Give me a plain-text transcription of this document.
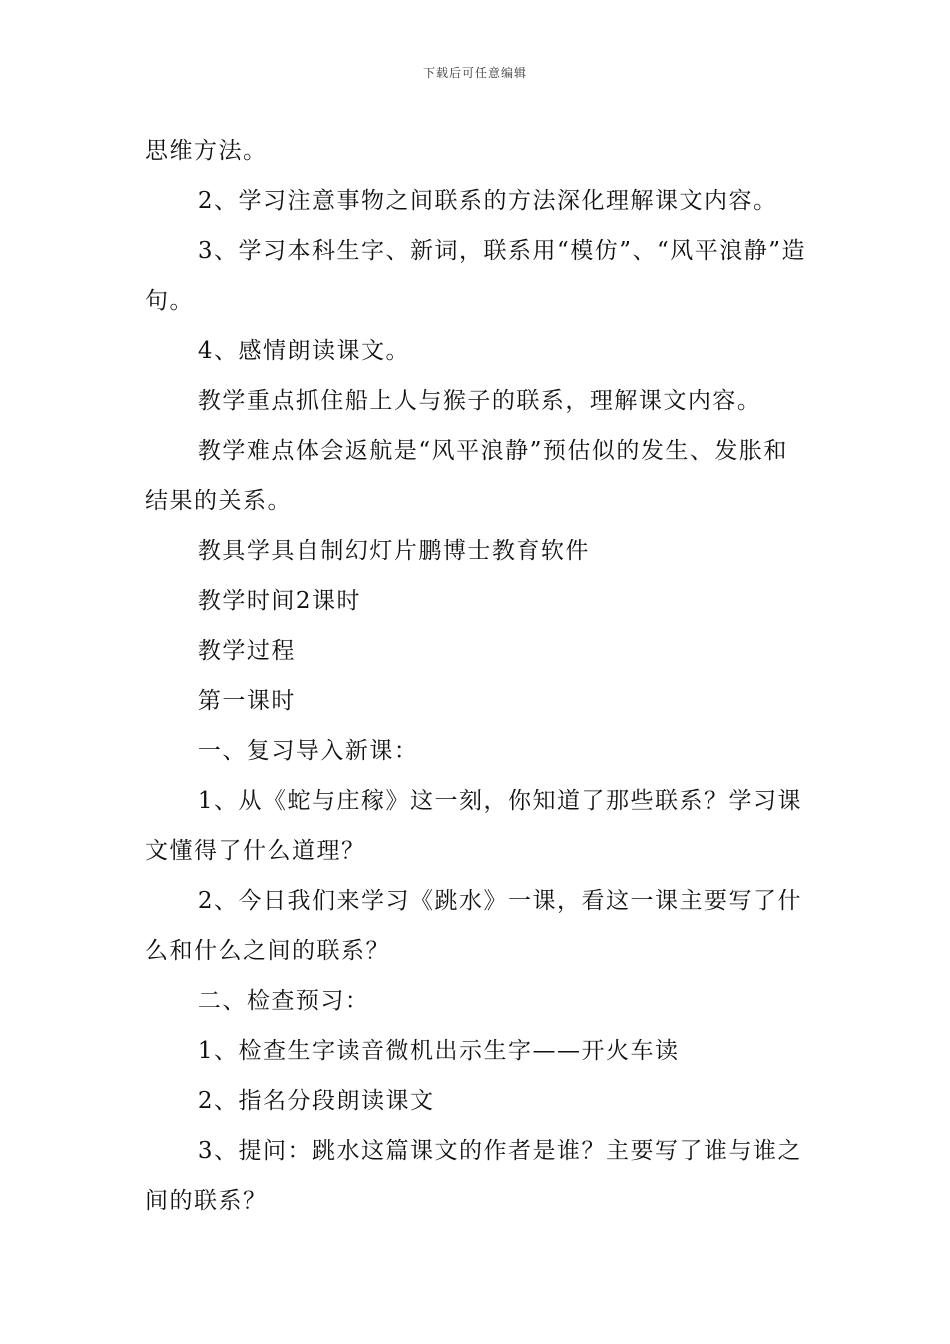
下载后可任意编辑

思维方法。

2、学习注意事物之间联系的方法深化理解课文内容。

3、学习本科生字、新词，联系用“模仿”、“风平浪静”造句。

4、感情朗读课文。

教学重点抓住船上人与猴子的联系，理解课文内容。

教学难点体会返航是“风平浪静”预估似的发生、发胀和结果的关系。

教具学具自制幻灯片鹏博士教育软件

教学时间2课时

教学过程

第一课时

一、复习导入新课：

1、从《蛇与庄稼》这一刻，你知道了那些联系？学习课文懂得了什么道理？

2、今日我们来学习《跳水》一课，看这一课主要写了什么和什么之间的联系？

二、检查预习：

1、检查生字读音微机出示生字——开火车读

2、指名分段朗读课文

3、提问：跳水这篇课文的作者是谁？主要写了谁与谁之间的联系？
